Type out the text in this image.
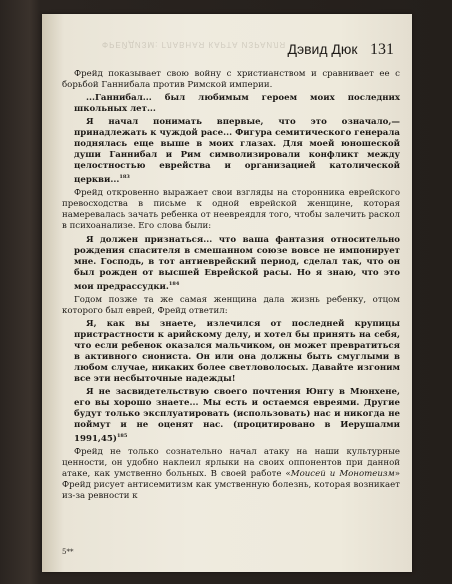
ФРЕЙДИЗМ: ГЛАВНАЯ КАРТА ИЗРАИЛЯ Дэвид Дюк 131

Фрейд показывает свою войну с христианством и сравнивает ее с борьбой Ганнибала против Римской империи.

...Ганнибал... был любимым героем моих последних школьных лет...

Я начал понимать впервые, что это означало,— принадлежать к чуждой расе... Фигура семитического генерала поднялась еще выше в моих глазах. Для моей юношеской души Ганнибал и Рим символизировали конфликт между целостностью еврейства и организацией католической церкви...$^{183}$

Фрейд откровенно выражает свои взгляды на сторонника еврейского превосходства в письме к одной еврейской женщине, которая намеревалась зачать ребенка от неевреядля того, чтобы залечить раскол в психоанализе. Его слова были:

Я должен признаться... что ваша фантазия относительно рождения спасителя в смешанном союзе вовсе не импонирует мне. Господь, в тот антиеврейский период, сделал так, что он был рожден от высшей Еврейской расы. Но я знаю, что это мои предрассудки.$^{184}$

Годом позже та же самая женщина дала жизнь ребенку, отцом которого был еврей, Фрейд ответил:

Я, как вы знаете, излечился от последней крупицы пристрастности к арийскому делу, и хотел бы принять на себя, что если ребенок оказался мальчиком, он может превратиться в активного сиониста. Он или она должны быть смуглыми в любом случае, никаких более светловолосых. Давайте изгоним все эти несбыточные надежды!

Я не засвидетельствую своего почтения Юнгу в Мюнхене, его вы хорошо знаете... Мы есть и остаемся евреями. Другие будут только эксплуатировать (использовать) нас и никогда не поймут и не оценят нас. (процитировано в Иерушалми 1991,45)$^{185}$

Фрейд не только сознательно начал атаку на наши культурные ценности, он удобно наклеил ярлыки на своих оппонентов при данной атаке, как умственно больных. В своей работе «Моисей и Монотеизм» Фрейд рисует антисемитизм как умственную болезнь, которая возникает из-за ревности к

5**
